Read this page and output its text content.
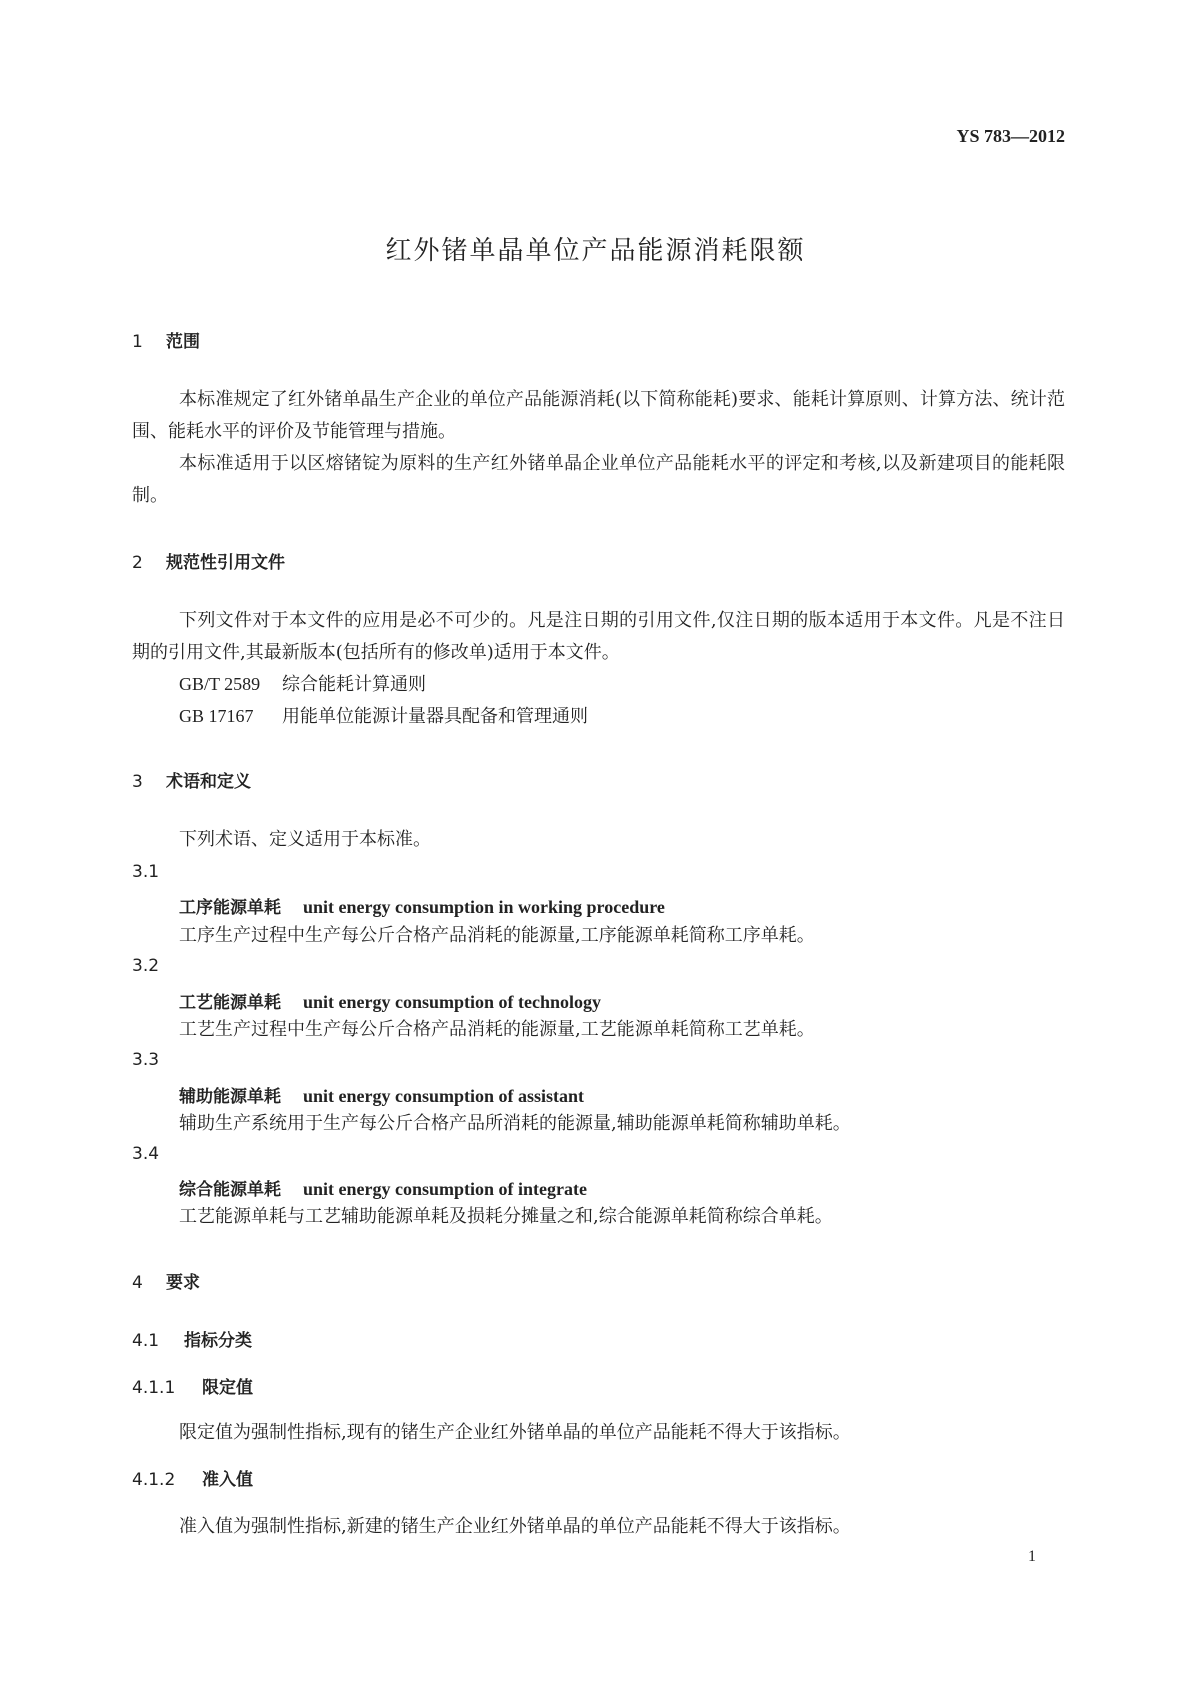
YS 783—2012
红外锗单晶单位产品能源消耗限额
1 范围
本标准规定了红外锗单晶生产企业的单位产品能源消耗(以下简称能耗)要求、能耗计算原则、计算方法、统计范围、能耗水平的评价及节能管理与措施。
本标准适用于以区熔锗锭为原料的生产红外锗单晶企业单位产品能耗水平的评定和考核,以及新建项目的能耗限制。
2 规范性引用文件
下列文件对于本文件的应用是必不可少的。凡是注日期的引用文件,仅注日期的版本适用于本文件。凡是不注日期的引用文件,其最新版本(包括所有的修改单)适用于本文件。
GB/T 2589 综合能耗计算通则
GB 17167 用能单位能源计量器具配备和管理通则
3 术语和定义
下列术语、定义适用于本标准。
3.1
工序能源单耗 unit energy consumption in working procedure
工序生产过程中生产每公斤合格产品消耗的能源量,工序能源单耗简称工序单耗。
3.2
工艺能源单耗 unit energy consumption of technology
工艺生产过程中生产每公斤合格产品消耗的能源量,工艺能源单耗简称工艺单耗。
3.3
辅助能源单耗 unit energy consumption of assistant
辅助生产系统用于生产每公斤合格产品所消耗的能源量,辅助能源单耗简称辅助单耗。
3.4
综合能源单耗 unit energy consumption of integrate
工艺能源单耗与工艺辅助能源单耗及损耗分摊量之和,综合能源单耗简称综合单耗。
4 要求
4.1 指标分类
4.1.1 限定值
限定值为强制性指标,现有的锗生产企业红外锗单晶的单位产品能耗不得大于该指标。
4.1.2 准入值
准入值为强制性指标,新建的锗生产企业红外锗单晶的单位产品能耗不得大于该指标。
1
